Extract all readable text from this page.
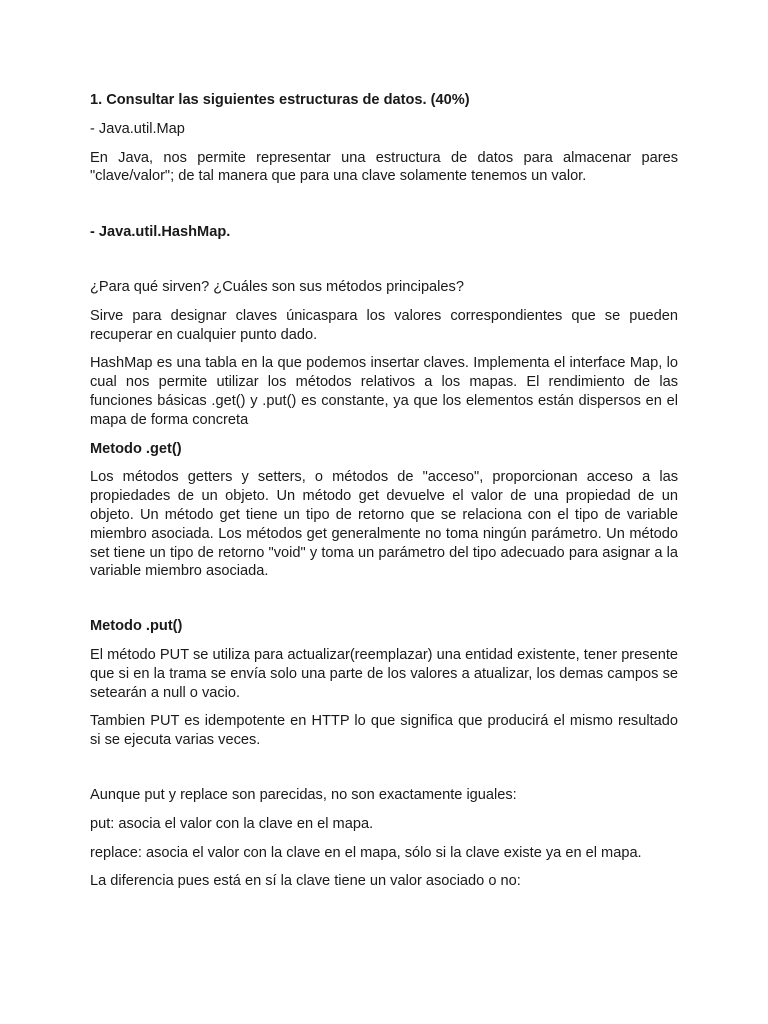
1. Consultar las siguientes estructuras de datos. (40%)

- Java.util.Map

En Java, nos permite representar una estructura de datos para almacenar pares "clave/valor"; de tal manera que para una clave solamente tenemos un valor.

- Java.util.HashMap.

¿Para qué sirven? ¿Cuáles son sus métodos principales?

Sirve para designar claves únicaspara los valores correspondientes que se pueden recuperar en cualquier punto dado.

HashMap es una tabla en la que podemos insertar claves. Implementa el interface Map, lo cual nos permite utilizar los métodos relativos a los mapas. El rendimiento de las funciones básicas .get() y .put() es constante, ya que los elementos están dispersos en el mapa de forma concreta

Metodo .get()

Los métodos getters y setters, o métodos de "acceso", proporcionan acceso a las propiedades de un objeto. Un método get devuelve el valor de una propiedad de un objeto. Un método get tiene un tipo de retorno que se relaciona con el tipo de variable miembro asociada. Los métodos get generalmente no toma ningún parámetro. Un método set tiene un tipo de retorno "void" y toma un parámetro del tipo adecuado para asignar a la variable miembro asociada.

Metodo .put()

El método PUT se utiliza para actualizar(reemplazar) una entidad existente, tener presente que si en la trama se envía solo una parte de los valores a atualizar, los demas campos se setearán a null o vacio.

Tambien PUT es idempotente en HTTP lo que significa que producirá el mismo resultado si se ejecuta varias veces.

Aunque put y replace son parecidas, no son exactamente iguales:

put: asocia el valor con la clave en el mapa.

replace: asocia el valor con la clave en el mapa, sólo si la clave existe ya en el mapa.

La diferencia pues está en sí la clave tiene un valor asociado o no:
